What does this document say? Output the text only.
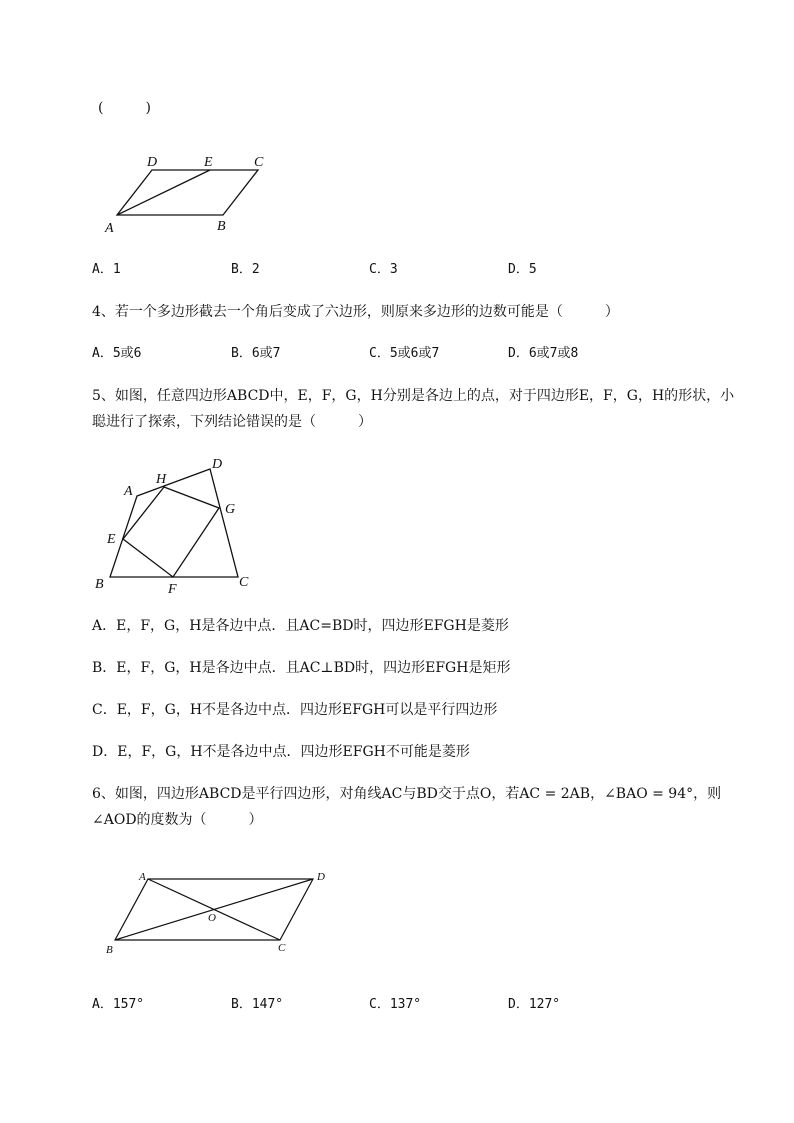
(　　　)
D	E	C
A	B
A．1	B．2	C．3	D．5
4、若一个多边形截去一个角后变成了六边形，则原来多边形的边数可能是（　　　）
A．5或6	B．6或7	C．5或6或7	D．6或7或8
5、如图，任意四边形ABCD中，E，F，G，H分别是各边上的点，对于四边形E，F，G，H的形状，小
聪进行了探索，下列结论错误的是（　　　）
A
H
D
G
E
B	F	C
A．E，F，G，H是各边中点．且AC=BD时，四边形EFGH是菱形
B．E，F，G，H是各边中点．且AC⊥BD时，四边形EFGH是矩形
C．E，F，G，H不是各边中点．四边形EFGH可以是平行四边形
D．E，F，G，H不是各边中点．四边形EFGH不可能是菱形
6、如图，四边形ABCD是平行四边形，对角线AC与BD交于点O，若AC = 2AB，∠BAO = 94°，则
∠AOD的度数为（　　　）
A	D
O
B	C
A．157°	B．147°	C．137°	D．127°
